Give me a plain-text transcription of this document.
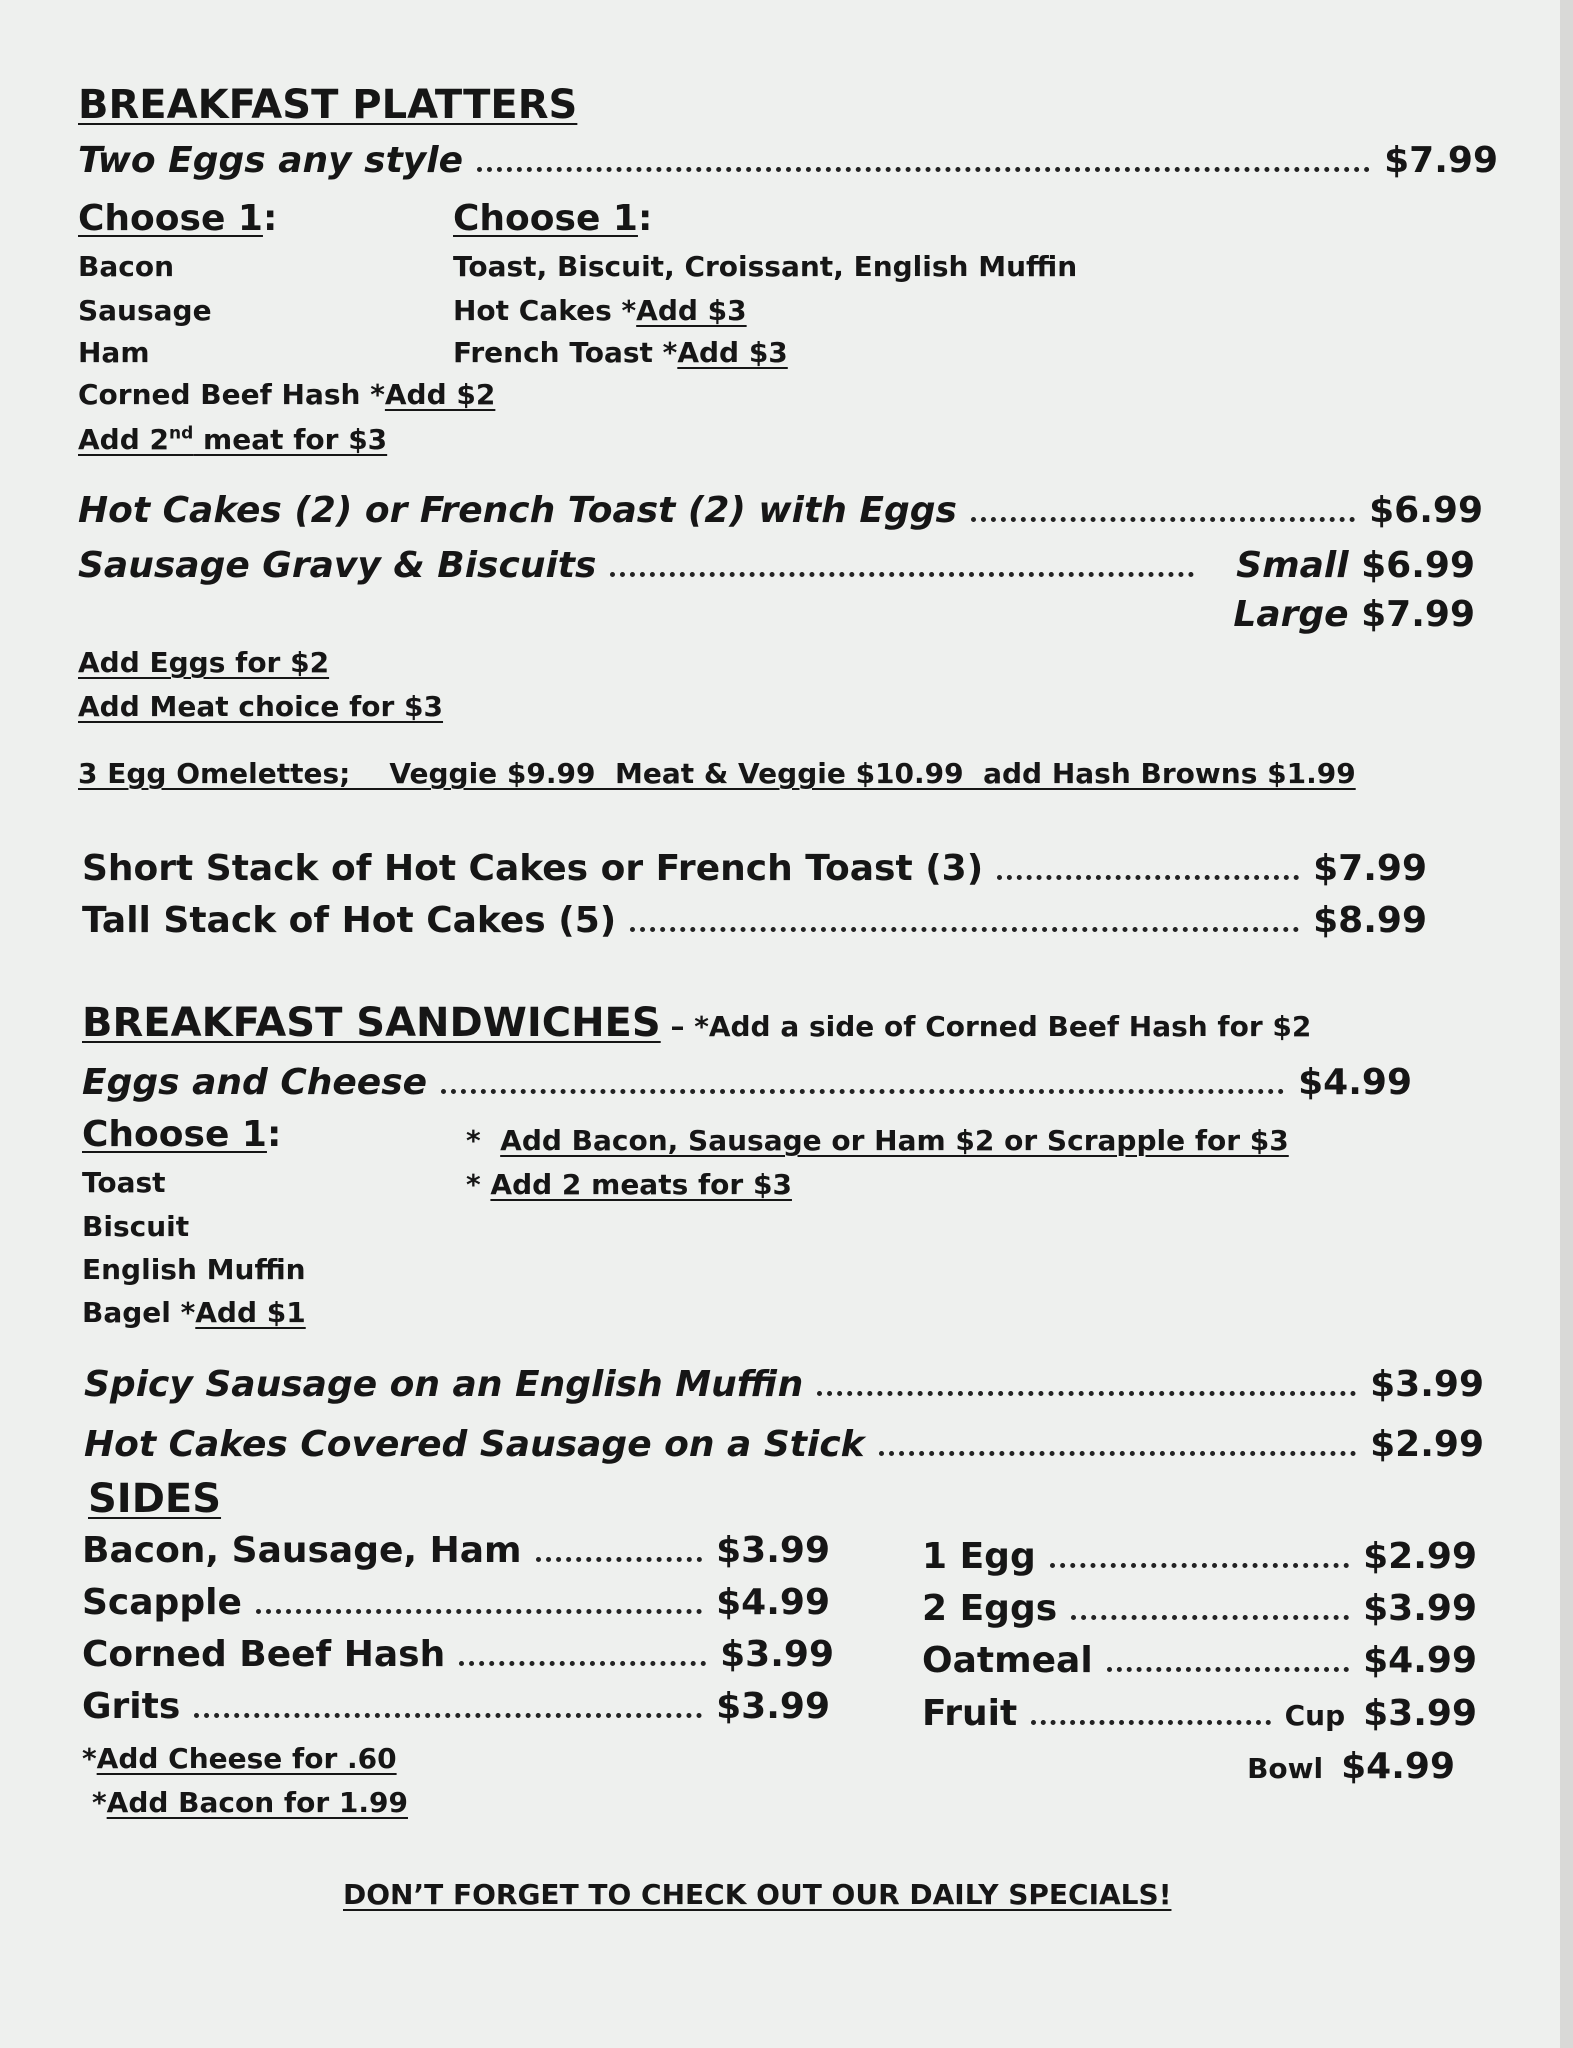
BREAKFAST PLATTERS
Two Eggs any style	$7.99
Choose 1:
Bacon
Sausage
Ham
Corned Beef Hash *Add $2
Add 2nd meat for $3
Choose 1:
Toast, Biscuit, Croissant, English Muffin
Hot Cakes *Add $3
French Toast *Add $3
Hot Cakes (2) or French Toast (2) with Eggs	$6.99
Sausage Gravy & Biscuits	Small $6.99
Large $7.99
Add Eggs for $2
Add Meat choice for $3
3 Egg Omelettes;    Veggie $9.99  Meat & Veggie $10.99  add Hash Browns $1.99
Short Stack of Hot Cakes or French Toast (3)	$7.99
Tall Stack of Hot Cakes (5)	$8.99
BREAKFAST SANDWICHES – *Add a side of Corned Beef Hash for $2
Eggs and Cheese	$4.99
Choose 1:
Toast
Biscuit
English Muffin
Bagel *Add $1
* Add Bacon, Sausage or Ham $2 or Scrapple for $3
* Add 2 meats for $3
Spicy Sausage on an English Muffin	$3.99
Hot Cakes Covered Sausage on a Stick	$2.99
SIDES
Bacon, Sausage, Ham	$3.99
Scapple	$4.99
Corned Beef Hash	$3.99
Grits	$3.99
1 Egg	$2.99
2 Eggs	$3.99
Oatmeal	$4.99
Fruit	Cup $3.99
Bowl $4.99
*Add Cheese for .60
*Add Bacon for 1.99
DON’T FORGET TO CHECK OUT OUR DAILY SPECIALS!
